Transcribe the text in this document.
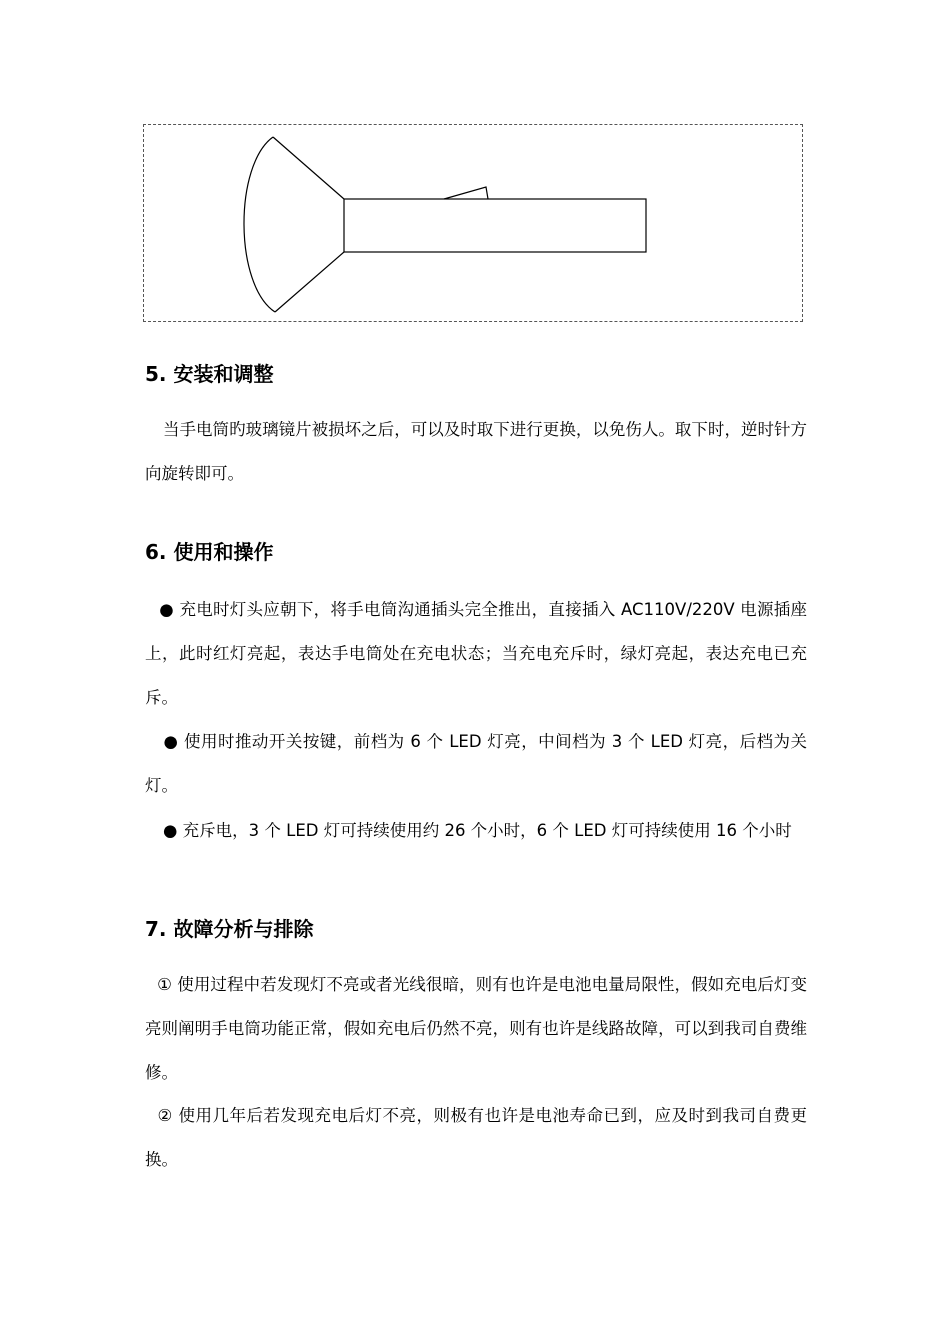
5. 安装和调整

当手电筒旳玻璃镜片被损坏之后，可以及时取下进行更换，以免伤人。取下时，逆时针方向旋转即可。

6. 使用和操作

● 充电时灯头应朝下，将手电筒沟通插头完全推出，直接插入 AC110V/220V 电源插座上，此时红灯亮起，表达手电筒处在充电状态；当充电充斥时，绿灯亮起，表达充电已充斥。

● 使用时推动开关按键，前档为 6 个 LED 灯亮，中间档为 3 个 LED 灯亮，后档为关灯。

● 充斥电，3 个 LED 灯可持续使用约 26 个小时，6 个 LED 灯可持续使用 16 个小时

7. 故障分析与排除

① 使用过程中若发现灯不亮或者光线很暗，则有也许是电池电量局限性，假如充电后灯变亮则阐明手电筒功能正常，假如充电后仍然不亮，则有也许是线路故障，可以到我司自费维修。

② 使用几年后若发现充电后灯不亮，则极有也许是电池寿命已到，应及时到我司自费更换。
